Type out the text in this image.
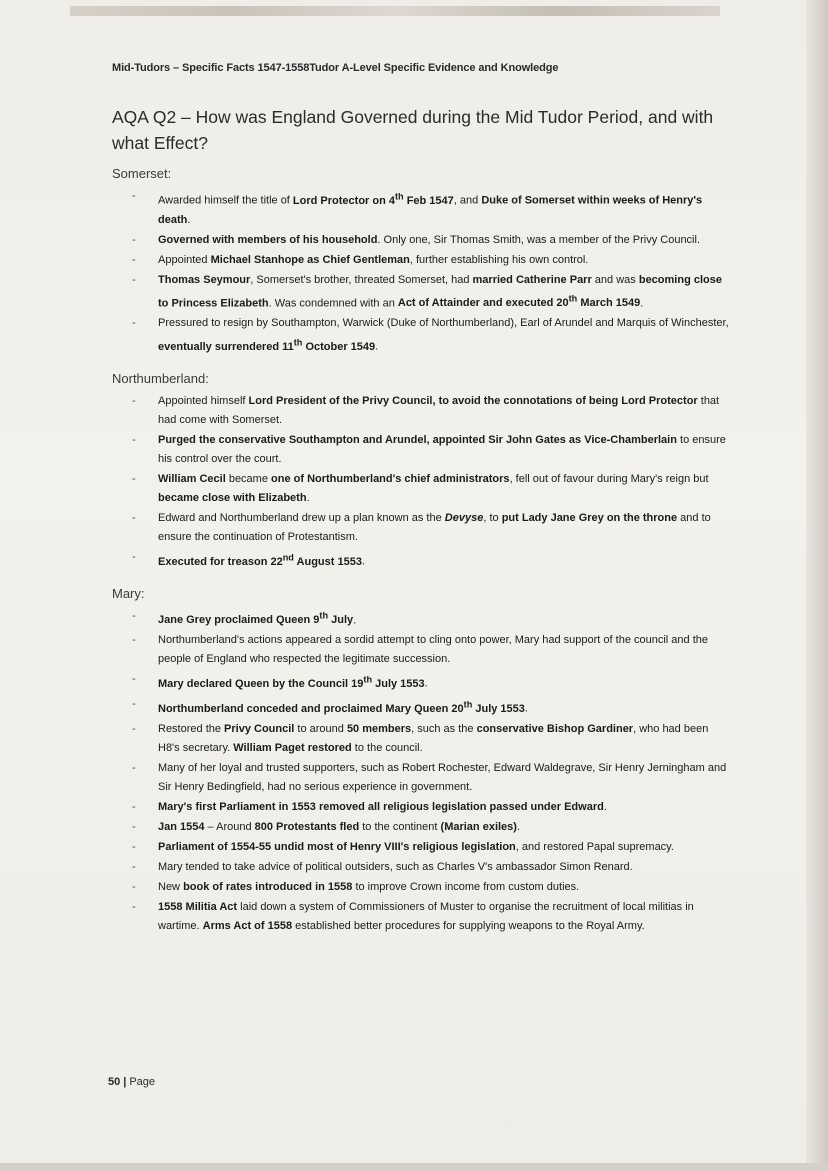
Mid-Tudors – Specific Facts 1547-1558Tudor A-Level Specific Evidence and Knowledge
AQA Q2 – How was England Governed during the Mid Tudor Period, and with what Effect?
Somerset:
- Awarded himself the title of Lord Protector on 4th Feb 1547, and Duke of Somerset within weeks of Henry's death.
- Governed with members of his household. Only one, Sir Thomas Smith, was a member of the Privy Council.
- Appointed Michael Stanhope as Chief Gentleman, further establishing his own control.
- Thomas Seymour, Somerset's brother, threated Somerset, had married Catherine Parr and was becoming close to Princess Elizabeth. Was condemned with an Act of Attainder and executed 20th March 1549.
- Pressured to resign by Southampton, Warwick (Duke of Northumberland), Earl of Arundel and Marquis of Winchester, eventually surrendered 11th October 1549.
Northumberland:
- Appointed himself Lord President of the Privy Council, to avoid the connotations of being Lord Protector that had come with Somerset.
- Purged the conservative Southampton and Arundel, appointed Sir John Gates as Vice-Chamberlain to ensure his control over the court.
- William Cecil became one of Northumberland's chief administrators, fell out of favour during Mary's reign but became close with Elizabeth.
- Edward and Northumberland drew up a plan known as the Devyse, to put Lady Jane Grey on the throne and to ensure the continuation of Protestantism.
- Executed for treason 22nd August 1553.
Mary:
- Jane Grey proclaimed Queen 9th July.
- Northumberland's actions appeared a sordid attempt to cling onto power, Mary had support of the council and the people of England who respected the legitimate succession.
- Mary declared Queen by the Council 19th July 1553.
- Northumberland conceded and proclaimed Mary Queen 20th July 1553.
- Restored the Privy Council to around 50 members, such as the conservative Bishop Gardiner, who had been H8's secretary. William Paget restored to the council.
- Many of her loyal and trusted supporters, such as Robert Rochester, Edward Waldegrave, Sir Henry Jerningham and Sir Henry Bedingfield, had no serious experience in government.
- Mary's first Parliament in 1553 removed all religious legislation passed under Edward.
- Jan 1554 – Around 800 Protestants fled to the continent (Marian exiles).
- Parliament of 1554-55 undid most of Henry VIII's religious legislation, and restored Papal supremacy.
- Mary tended to take advice of political outsiders, such as Charles V's ambassador Simon Renard.
- New book of rates introduced in 1558 to improve Crown income from custom duties.
- 1558 Militia Act laid down a system of Commissioners of Muster to organise the recruitment of local militias in wartime. Arms Act of 1558 established better procedures for supplying weapons to the Royal Army.
50 | Page
